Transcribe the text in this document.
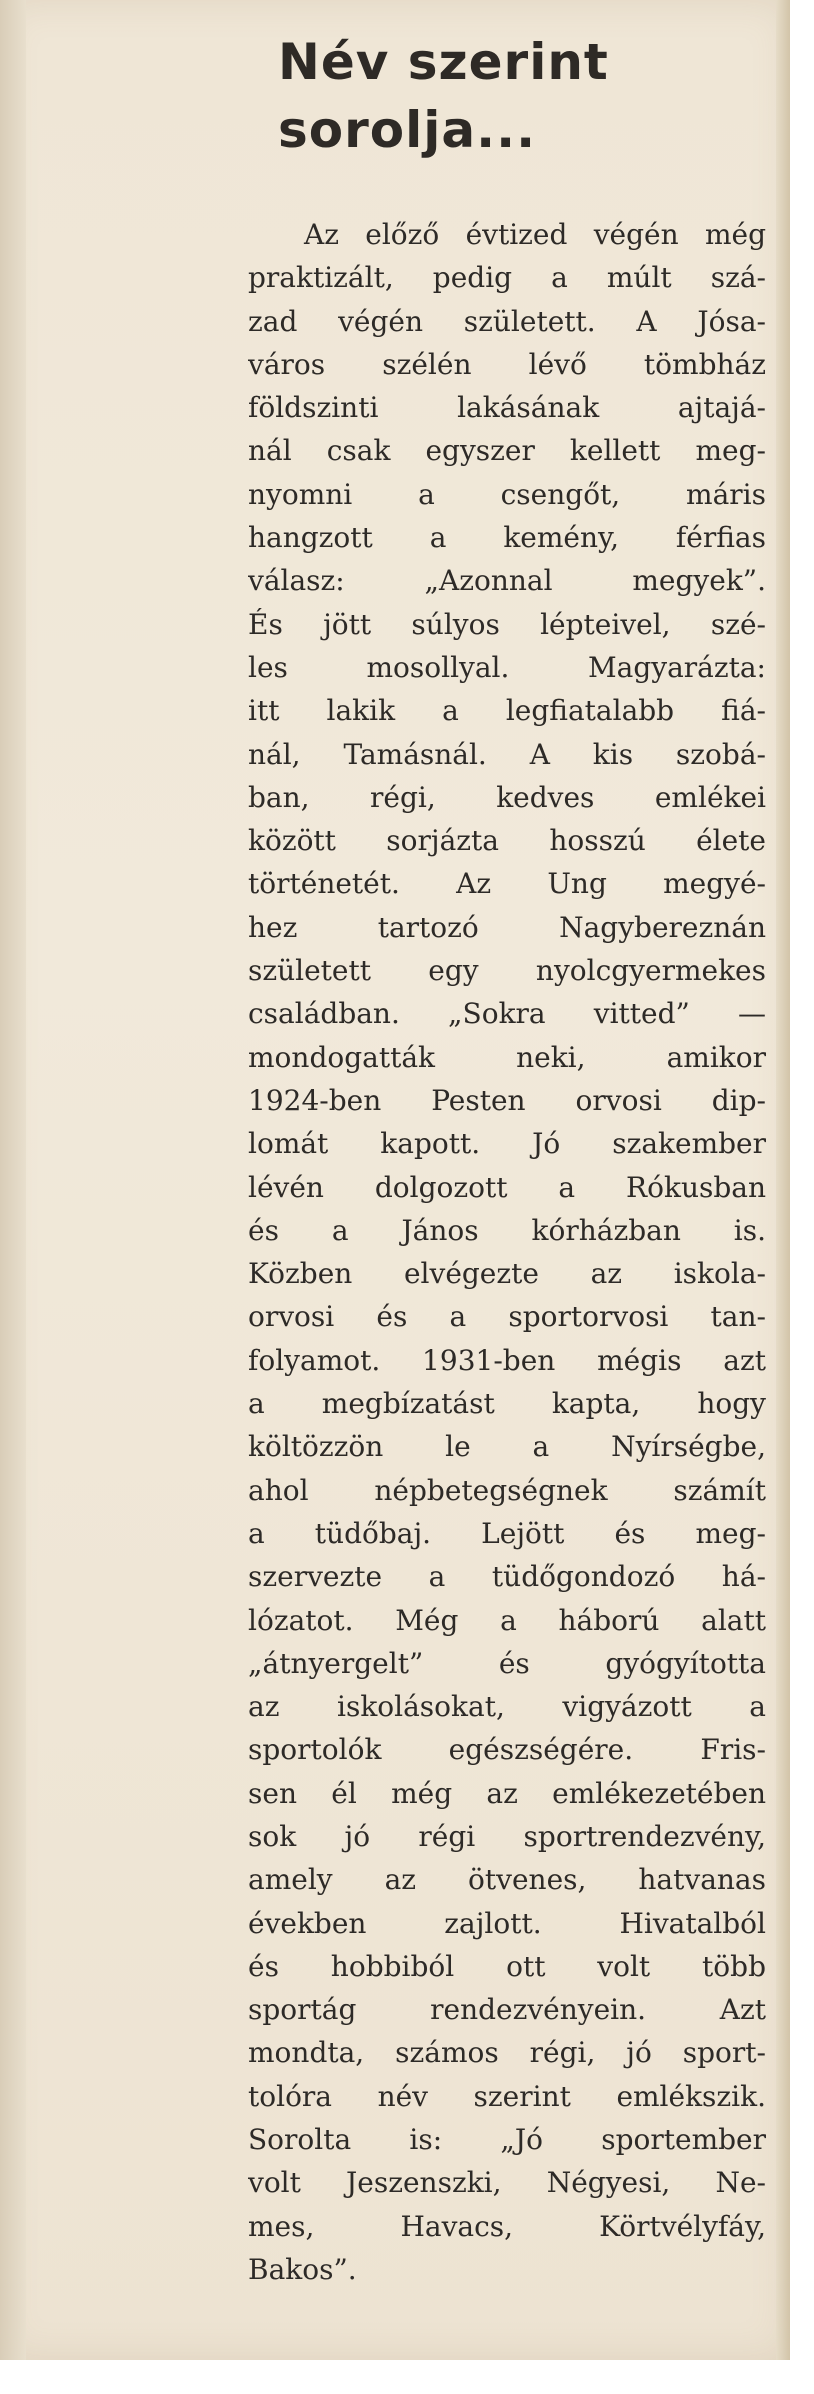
Név szerint
sorolja...
Az előző évtized végén még
praktizált, pedig a múlt szá-
zad végén született. A Jósa-
város szélén lévő tömbház
földszinti lakásának ajtajá-
nál csak egyszer kellett meg-
nyomni a csengőt, máris
hangzott a kemény, férfias
válasz: „Azonnal megyek”.
És jött súlyos lépteivel, szé-
les mosollyal. Magyarázta:
itt lakik a legfiatalabb fiá-
nál, Tamásnál. A kis szobá-
ban, régi, kedves emlékei
között sorjázta hosszú élete
történetét. Az Ung megyé-
hez tartozó Nagybereznán
született egy nyolcgyermekes
családban. „Sokra vitted” —
mondogatták neki, amikor
1924-ben Pesten orvosi dip-
lomát kapott. Jó szakember
lévén dolgozott a Rókusban
és a János kórházban is.
Közben elvégezte az iskola-
orvosi és a sportorvosi tan-
folyamot. 1931-ben mégis azt
a megbízatást kapta, hogy
költözzön le a Nyírségbe,
ahol népbetegségnek számít
a tüdőbaj. Lejött és meg-
szervezte a tüdőgondozó há-
lózatot. Még a háború alatt
„átnyergelt” és gyógyította
az iskolásokat, vigyázott a
sportolók egészségére. Fris-
sen él még az emlékezetében
sok jó régi sportrendezvény,
amely az ötvenes, hatvanas
években zajlott. Hivatalból
és hobbiból ott volt több
sportág rendezvényein. Azt
mondta, számos régi, jó sport-
tolóra név szerint emlékszik.
Sorolta is: „Jó sportember
volt Jeszenszki, Négyesi, Ne-
mes, Havacs, Körtvélyfáy,
Bakos”.
